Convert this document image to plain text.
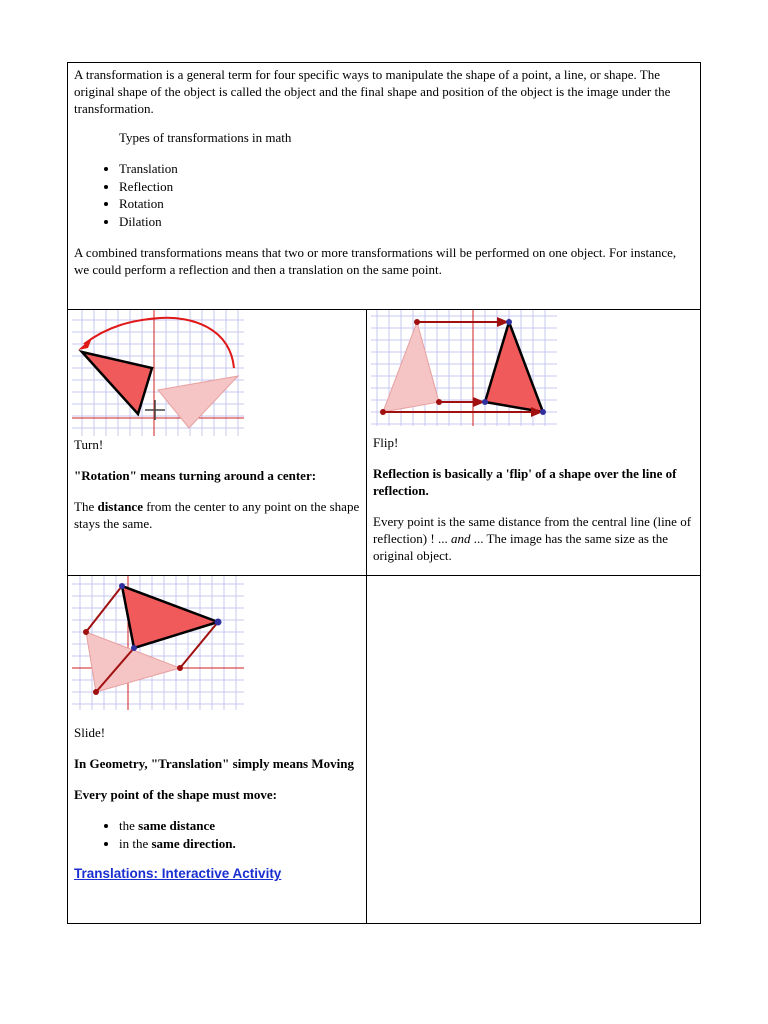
A transformation is a general term for four specific ways to manipulate the shape of a point, a line, or shape. The original shape of the object is called the object and the final shape and position of the object is the image under the transformation.

Types of transformations in math

• Translation
• Reflection
• Rotation
• Dilation

A combined transformations means that two or more transformations will be performed on one object. For instance, we could perform a reflection and then a translation on the same point.

Turn!

"Rotation" means turning around a center:

The distance from the center to any point on the shape stays the same.

Flip!

Reflection is basically a 'flip' of a shape over the line of reflection.

Every point is the same distance from the central line (line of reflection) ! ... and ... The image has the same size as the original object.

Slide!

In Geometry, "Translation" simply means Moving

Every point of the shape must move:

• the same distance
• in the same direction.
Translations: Interactive Activity
